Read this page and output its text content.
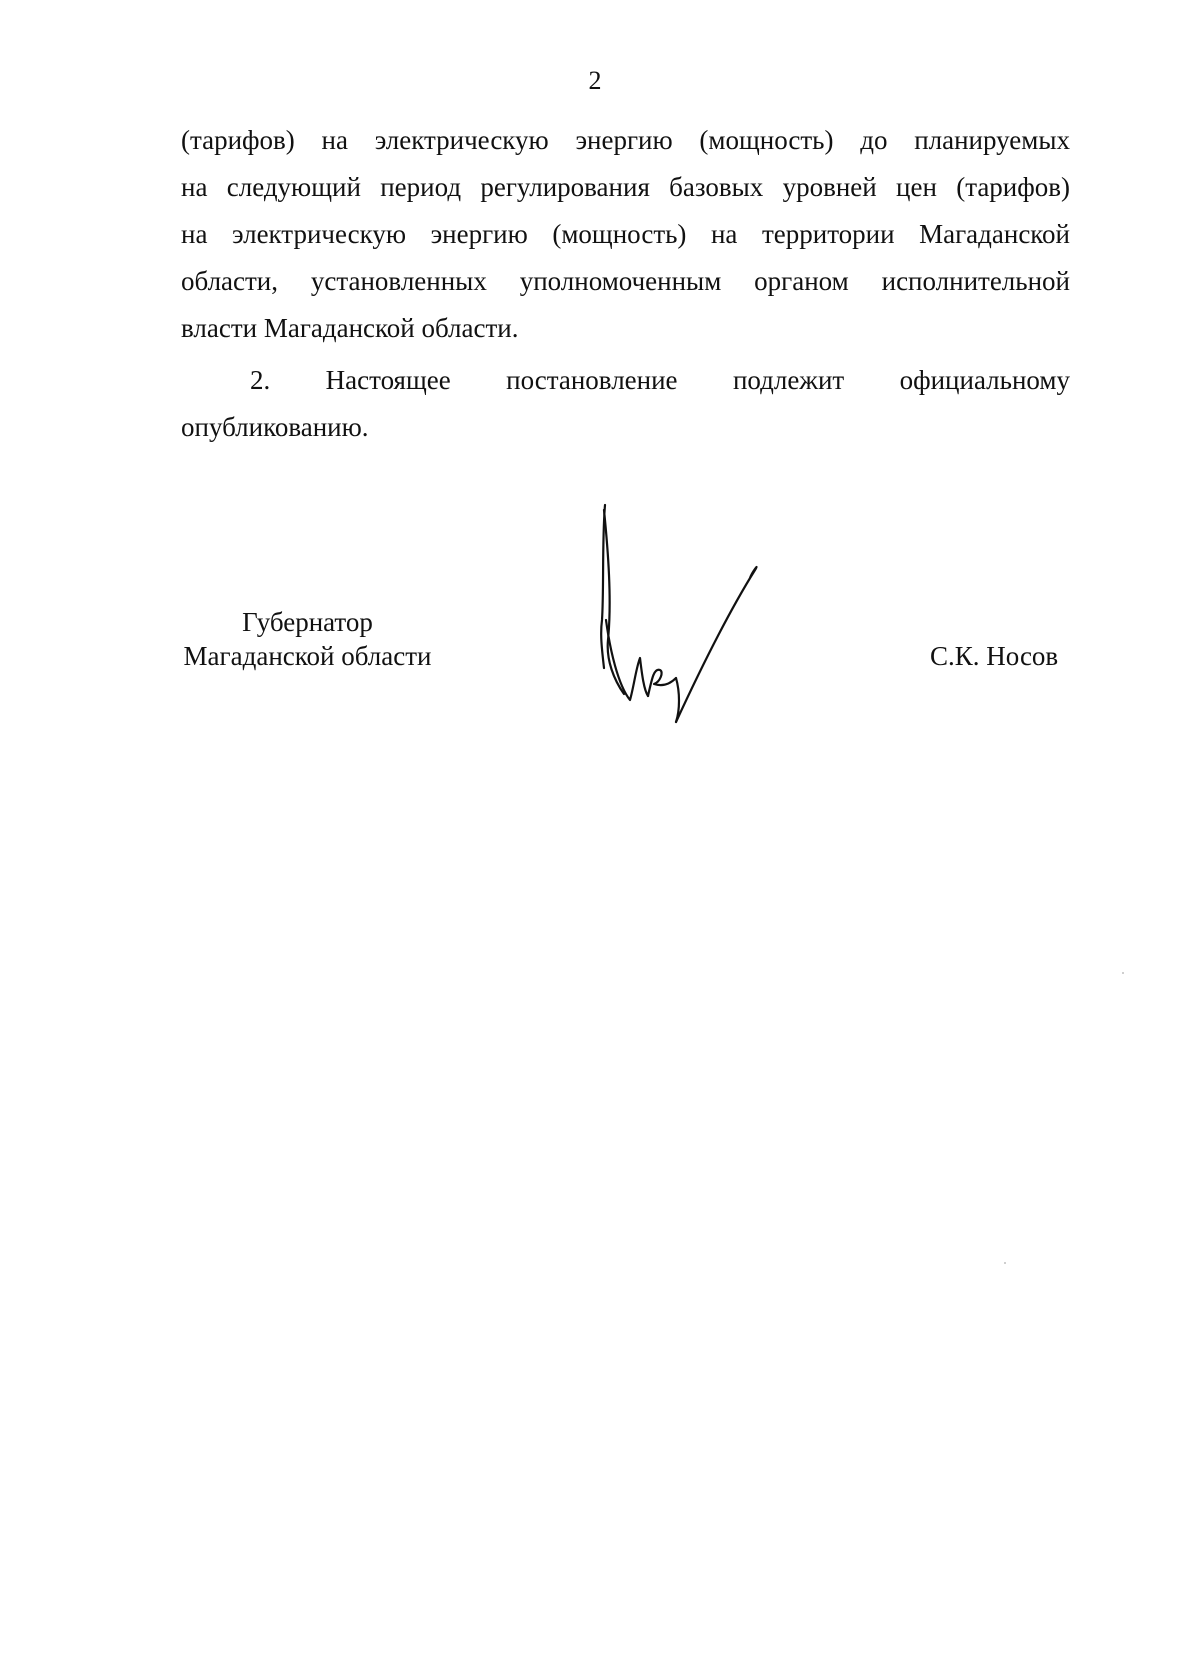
2
(тарифов) на электрическую энергию (мощность) до планируемых
на следующий период регулирования базовых уровней цен (тарифов)
на электрическую энергию (мощность) на территории Магаданской
области, установленных уполномоченным органом исполнительной
власти Магаданской области.
2. Настоящее постановление подлежит официальному
опубликованию.
Губернатор
Магаданской области	С.К. Носов
